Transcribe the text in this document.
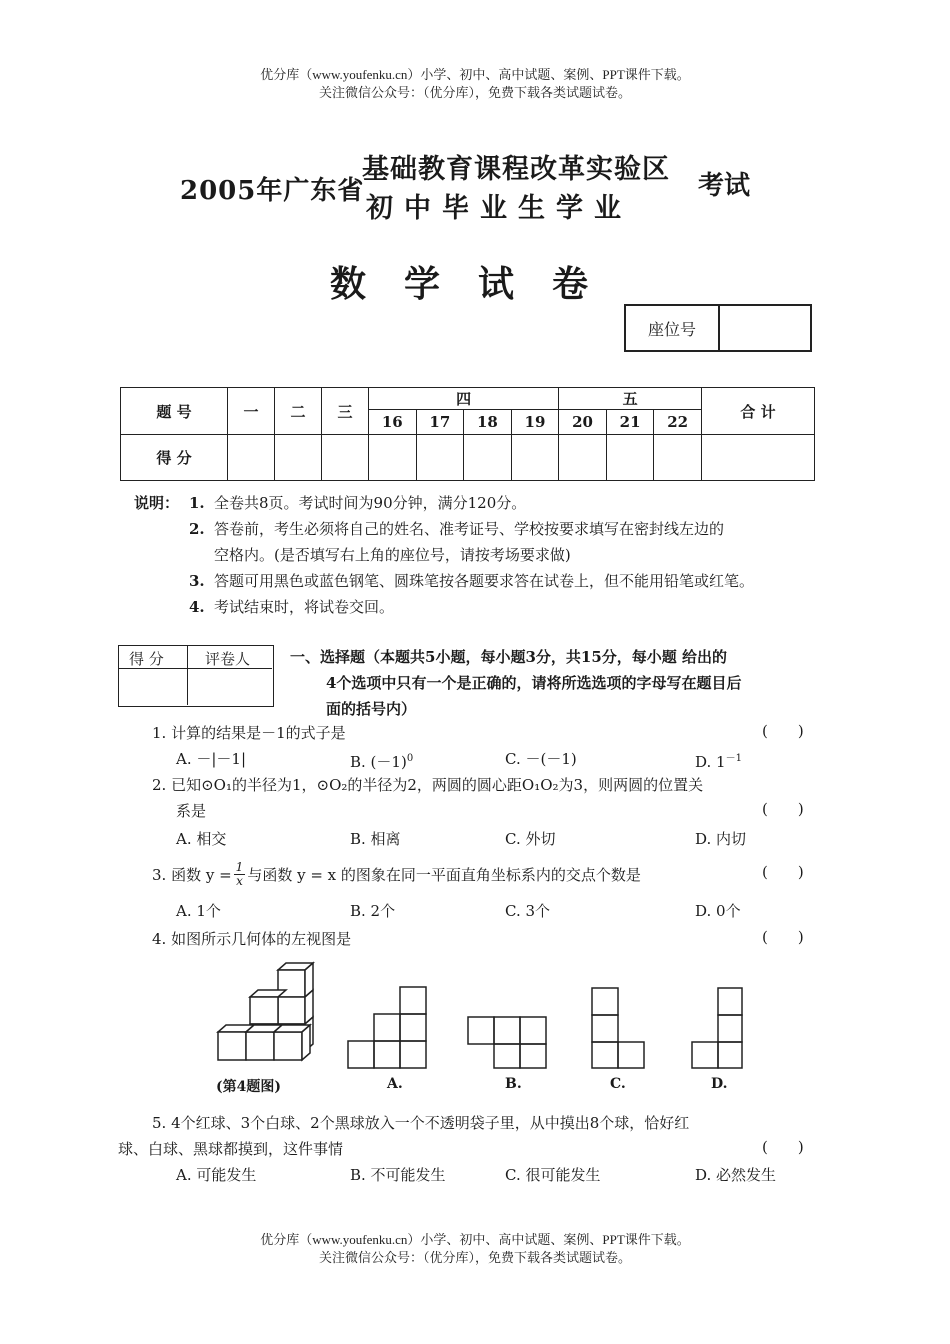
优分库（www.youfenku.cn）小学、初中、高中试题、案例、PPT课件下载。
关注微信公众号：（优分库），免费下载各类试题试卷。
2005年广东省
基础教育课程改革实验区
初中毕业生学业
考试
数学试卷
座位号
题 号	一	二	三	四				五			合 计
				16	17	18	19	20	21	22	
得 分											
说明： 1. 全卷共8页。考试时间为90分钟，满分120分。
2. 答卷前，考生必须将自己的姓名、准考证号、学校按要求填写在密封线左边的
空格内。(是否填写右上角的座位号，请按考场要求做)
3. 答题可用黑色或蓝色钢笔、圆珠笔按各题要求答在试卷上，但不能用铅笔或红笔。
4. 考试结束时，将试卷交回。
得 分	评卷人	一、选择题（本题共5小题，每小题3分，共15分，每小题 给出的
4个选项中只有一个是正确的，请将所选选项的字母写在题目后
面的括号内）
1. 计算的结果是－1的式子是	(　　)
A. －|－1|	B. $(-1)^0$	C. －(－1)	D. $1^{-1}$
2. 已知⊙O₁的半径为1，⊙O₂的半径为2，两圆的圆心距O₁O₂为3，则两圆的位置关
系是	(　　)
A. 相交	B. 相离	C. 外切	D. 内切
3. 函数 $y = \frac{1}{x}$ 与函数 y = x 的图象在同一平面直角坐标系内的交点个数是	(　　)
A. 1个	B. 2个	C. 3个	D. 0个
4. 如图所示几何体的左视图是	(　　)
(第4题图)	A.	B.	C.	D.
5. 4个红球、3个白球、2个黑球放入一个不透明袋子里，从中摸出8个球，恰好红
球、白球、黑球都摸到，这件事情	(　　)
A. 可能发生	B. 不可能发生	C. 很可能发生	D. 必然发生
优分库（www.youfenku.cn）小学、初中、高中试题、案例、PPT课件下载。
关注微信公众号：（优分库），免费下载各类试题试卷。
